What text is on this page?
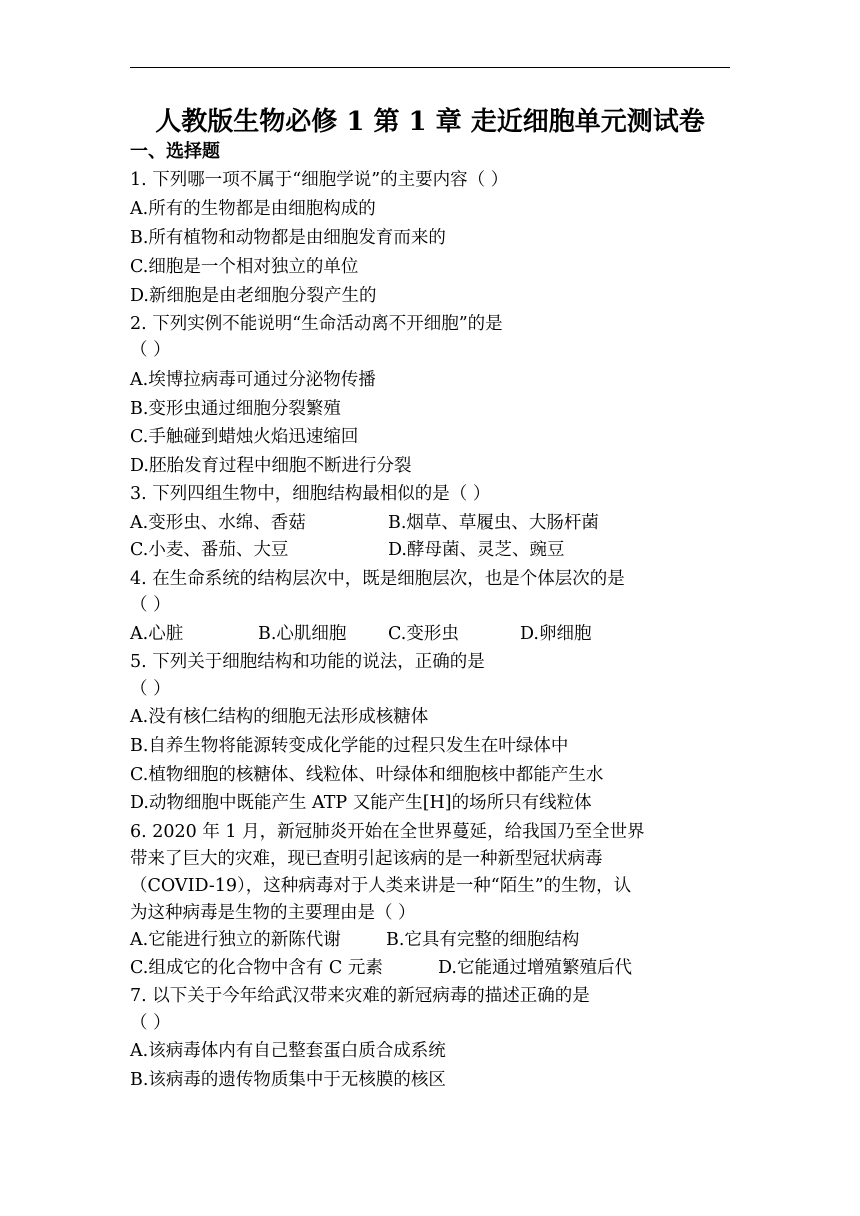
人教版生物必修 1 第 1 章 走近细胞单元测试卷
一、选择题
1. 下列哪一项不属于“细胞学说”的主要内容（ ）
A.所有的生物都是由细胞构成的
B.所有植物和动物都是由细胞发育而来的
C.细胞是一个相对独立的单位
D.新细胞是由老细胞分裂产生的
2. 下列实例不能说明“生命活动离不开细胞”的是
（ ）
A.埃博拉病毒可通过分泌物传播
B.变形虫通过细胞分裂繁殖
C.手触碰到蜡烛火焰迅速缩回
D.胚胎发育过程中细胞不断进行分裂
3. 下列四组生物中，细胞结构最相似的是（ ）
A.变形虫、水绵、香菇	B.烟草、草履虫、大肠杆菌
C.小麦、番茄、大豆	D.酵母菌、灵芝、豌豆
4. 在生命系统的结构层次中，既是细胞层次，也是个体层次的是
（ ）
A.心脏	B.心肌细胞 C.变形虫	D.卵细胞
5. 下列关于细胞结构和功能的说法，正确的是
（ ）
A.没有核仁结构的细胞无法形成核糖体
B.自养生物将能源转变成化学能的过程只发生在叶绿体中
C.植物细胞的核糖体、线粒体、叶绿体和细胞核中都能产生水
D.动物细胞中既能产生 ATP 又能产生[H]的场所只有线粒体
6. 2020 年 1 月，新冠肺炎开始在全世界蔓延，给我国乃至全世界
带来了巨大的灾难，现已查明引起该病的是一种新型冠状病毒
（COVID-19），这种病毒对于人类来讲是一种“陌生”的生物，认
为这种病毒是生物的主要理由是（ ）
A.它能进行独立的新陈代谢	B.它具有完整的细胞结构
C.组成它的化合物中含有 C 元素	D.它能通过增殖繁殖后代
7. 以下关于今年给武汉带来灾难的新冠病毒的描述正确的是
（ ）
A.该病毒体内有自己整套蛋白质合成系统
B.该病毒的遗传物质集中于无核膜的核区
